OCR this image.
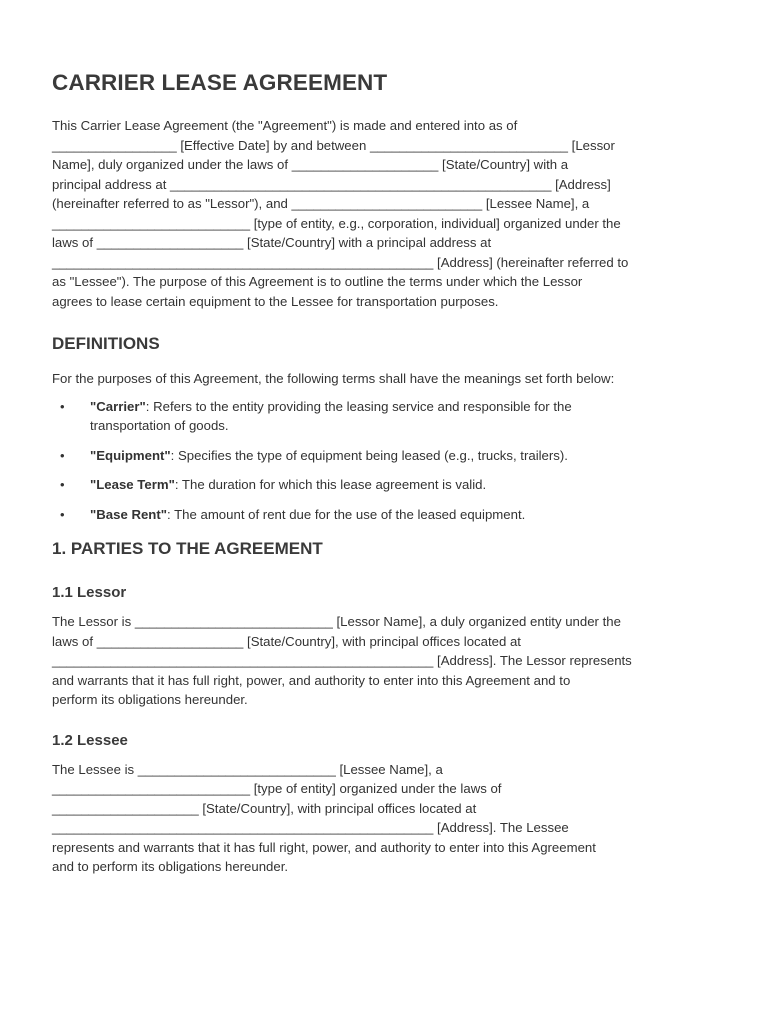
CARRIER LEASE AGREEMENT

This Carrier Lease Agreement (the "Agreement") is made and entered into as of

_________________ [Effective Date] by and between ___________________________ [Lessor

Name], duly organized under the laws of ____________________ [State/Country] with a

principal address at ____________________________________________________ [Address]

(hereinafter referred to as "Lessor"), and __________________________ [Lessee Name], a

___________________________ [type of entity, e.g., corporation, individual] organized under the

laws of ____________________ [State/Country] with a principal address at

____________________________________________________ [Address] (hereinafter referred to

as "Lessee"). The purpose of this Agreement is to outline the terms under which the Lessor

agrees to lease certain equipment to the Lessee for transportation purposes.

DEFINITIONS

For the purposes of this Agreement, the following terms shall have the meanings set forth below:

• "Carrier": Refers to the entity providing the leasing service and responsible for the
transportation of goods.
• "Equipment": Specifies the type of equipment being leased (e.g., trucks, trailers).
• "Lease Term": The duration for which this lease agreement is valid.
• "Base Rent": The amount of rent due for the use of the leased equipment.
1. PARTIES TO THE AGREEMENT
1.1 Lessor

The Lessor is ___________________________ [Lessor Name], a duly organized entity under the

laws of ____________________ [State/Country], with principal offices located at

____________________________________________________ [Address]. The Lessor represents

and warrants that it has full right, power, and authority to enter into this Agreement and to

perform its obligations hereunder.

1.2 Lessee

The Lessee is ___________________________ [Lessee Name], a

___________________________ [type of entity] organized under the laws of

____________________ [State/Country], with principal offices located at

____________________________________________________ [Address]. The Lessee

represents and warrants that it has full right, power, and authority to enter into this Agreement

and to perform its obligations hereunder.
